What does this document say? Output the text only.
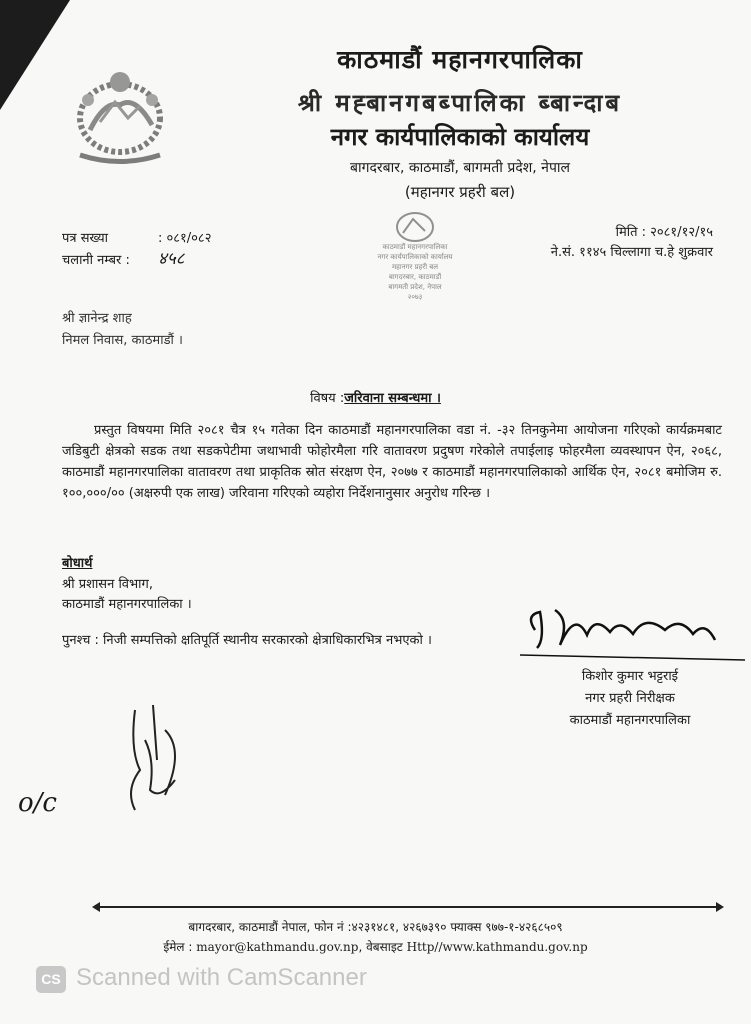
काठमाडौं महानगरपालिका
श्री मह्बानगबब्पालिका ब्बान्दाब
नगर कार्यपालिकाको कार्यालय
बागदरबार, काठमाडौं, बागमती प्रदेश, नेपाल
(महानगर प्रहरी बल)
काठमाडौं महानगरपालिका
नगर कार्यपालिकाको कार्यालय
महानगर प्रहरी बल
बागदरबार, काठमाडौं
बागमती प्रदेश, नेपाल
२०७३
पत्र सख्या	: ०८१/०८२
चलानी नम्बर : ४५८
मिति : २०८१/१२/१५
ने.सं. ११४५ चिल्लागा च.हे शुक्रवार
श्री ज्ञानेन्द्र शाह
निमल निवास, काठमाडौं ।
विषय :जरिवाना सम्बन्धमा ।
प्रस्तुत विषयमा मिति २०८१ चैत्र १५ गतेका दिन काठमाडौं महानगरपालिका वडा नं. -३२ तिनकुनेमा आयोजना गरिएको कार्यक्रमबाट जडिबुटी क्षेत्रको सडक तथा सडकपेटीमा जथाभावी फोहोरमैला गरि वातावरण प्रदुषण गरेकोले तपाईलाइ फोहरमैला व्यवस्थापन ऐन, २०६८, काठमाडौं महानगरपालिका वातावरण तथा प्राकृतिक स्रोत संरक्षण ऐन, २०७७ र काठमाडौं महानगरपालिकाको आर्थिक ऐन, २०८१ बमोजिम रु. १००,०००/०० (अक्षरुपी एक लाख) जरिवाना गरिएको व्यहोरा निर्देशनानुसार अनुरोध गरिन्छ ।
बोधार्थ
श्री प्रशासन विभाग,
काठमाडौं महानगरपालिका ।
पुनश्च : निजी सम्पत्तिको क्षतिपूर्ति स्थानीय सरकारको क्षेत्राधिकारभित्र नभएको ।
किशोर कुमार भट्टराई
नगर प्रहरी निरीक्षक
काठमाडौं महानगरपालिका
o/c
बागदरबार, काठमाडौं नेपाल, फोन नं :४२३१४८१, ४२६७३९० फ्याक्स ९७७-१-४२६८५०९
ईमेल : mayor@kathmandu.gov.np, वेबसाइट Http//www.kathmandu.gov.np
CS Scanned with CamScanner
